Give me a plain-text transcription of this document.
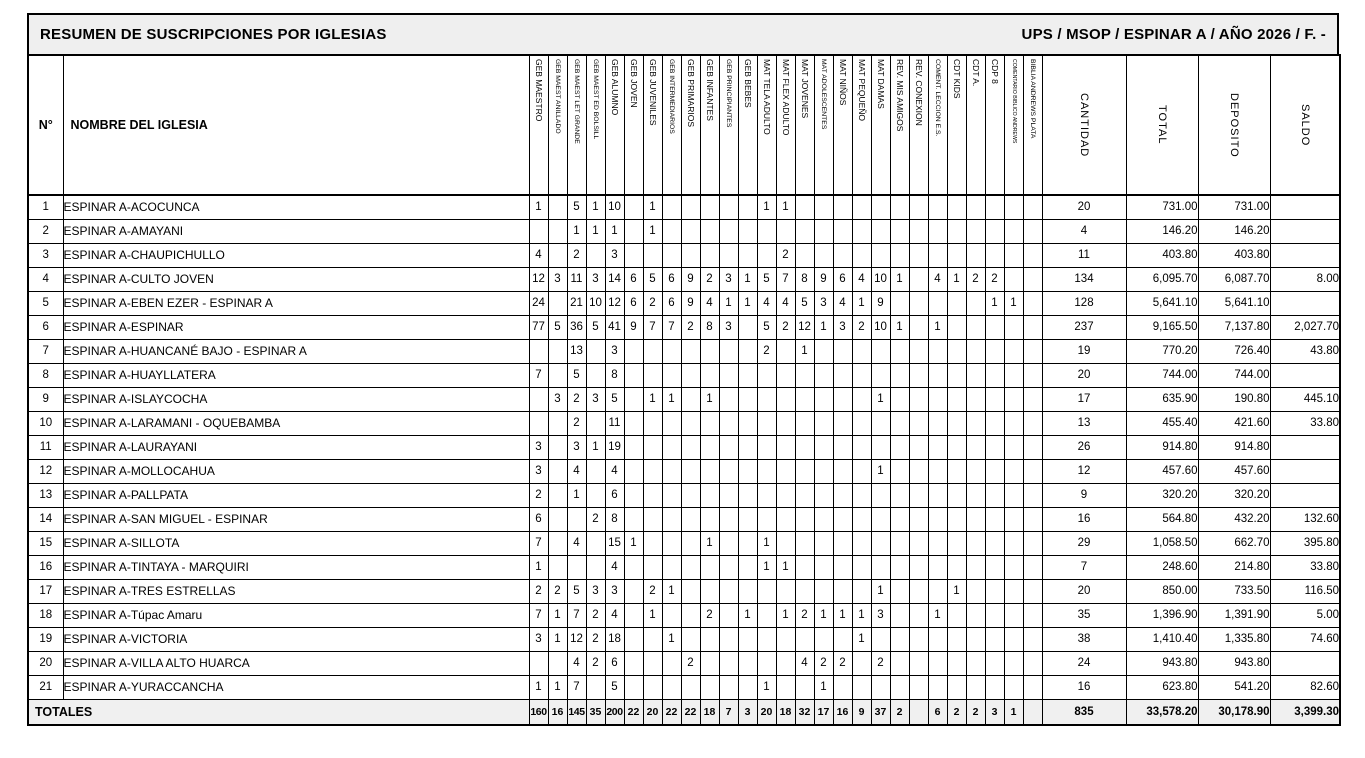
RESUMEN DE SUSCRIPCIONES POR IGLESIAS	UPS / MSOP / ESPINAR A / AÑO 2026 / F. -
N°	NOMBRE DEL IGLESIA	GEB MAESTRO	GEB MAEST ANILLADO	GEB MAEST LET GRANDE	GEB MAEST ED BOLSILL	GEB ALUMNO	GEB JOVEN	GEB JUVENILES	GEB INTERMEDIARIOS	GEB PRIMARIOS	GEB INFANTES	GEB PRINCIPIANTES	GEB BEBES	MAT TELA ADULTO	MAT FLEX ADULTO	MAT JOVENES	MAT ADOLESCENTES	MAT NIÑOS	MAT PEQUEÑO	MAT DAMAS	REV. MIS AMIGOS	REV. CONEXION	COMENT. LECCION E.S.	CDT KIDS	CDT A.	CDP 8	COMENTARIO BIBLICO ANDREWS	BIBLIA ANDREWS PLATA	CANTIDAD	TOTAL	DEPOSITO	SALDO

1	ESPINAR A-ACOCUNCA	1		5	1	10		1						1	1														20	731.00	731.00	
2	ESPINAR A-AMAYANI			1	1	1		1																					4	146.20	146.20	
3	ESPINAR A-CHAUPICHULLO	4		2		3									2														11	403.80	403.80	
4	ESPINAR A-CULTO JOVEN	12	3	11	3	14	6	5	6	9	2	3	1	5	7	8	9	6	4	10	1		4	1	2	2			134	6,095.70	6,087.70	8.00
5	ESPINAR A-EBEN EZER - ESPINAR A	24		21	10	12	6	2	6	9	4	1	1	4	4	5	3	4	1	9						1	1		128	5,641.10	5,641.10	
6	ESPINAR A-ESPINAR	77	5	36	5	41	9	7	7	2	8	3		5	2	12	1	3	2	10	1		1						237	9,165.50	7,137.80	2,027.70
7	ESPINAR A-HUANCANÉ BAJO - ESPINAR A			13		3								2		1													19	770.20	726.40	43.80
8	ESPINAR A-HUAYLLATERA	7		5		8																							20	744.00	744.00	
9	ESPINAR A-ISLAYCOCHA		3	2	3	5		1	1		1									1									17	635.90	190.80	445.10
10	ESPINAR A-LARAMANI - OQUEBAMBA			2		11																							13	455.40	421.60	33.80
11	ESPINAR A-LAURAYANI	3		3	1	19																							26	914.80	914.80	
12	ESPINAR A-MOLLOCAHUA	3		4		4														1									12	457.60	457.60	
13	ESPINAR A-PALLPATA	2		1		6																							9	320.20	320.20	
14	ESPINAR A-SAN MIGUEL - ESPINAR	6			2	8																							16	564.80	432.20	132.60
15	ESPINAR A-SILLOTA	7		4		15	1				1			1															29	1,058.50	662.70	395.80
16	ESPINAR A-TINTAYA - MARQUIRI	1				4								1	1														7	248.60	214.80	33.80
17	ESPINAR A-TRES ESTRELLAS	2	2	5	3	3		2	1											1				1					20	850.00	733.50	116.50
18	ESPINAR A-Túpac Amaru	7	1	7	2	4		1			2		1		1	2	1	1	1	3			1						35	1,396.90	1,391.90	5.00
19	ESPINAR A-VICTORIA	3	1	12	2	18			1										1										38	1,410.40	1,335.80	74.60
20	ESPINAR A-VILLA ALTO HUARCA			4	2	6				2						4	2	2		2									24	943.80	943.80	
21	ESPINAR A-YURACCANCHA	1	1	7		5								1			1												16	623.80	541.20	82.60
TOTALES		160	16	145	35	200	22	20	22	22	18	7	3	20	18	32	17	16	9	37	2		6	2	2	3	1		835	33,578.20	30,178.90	3,399.30
